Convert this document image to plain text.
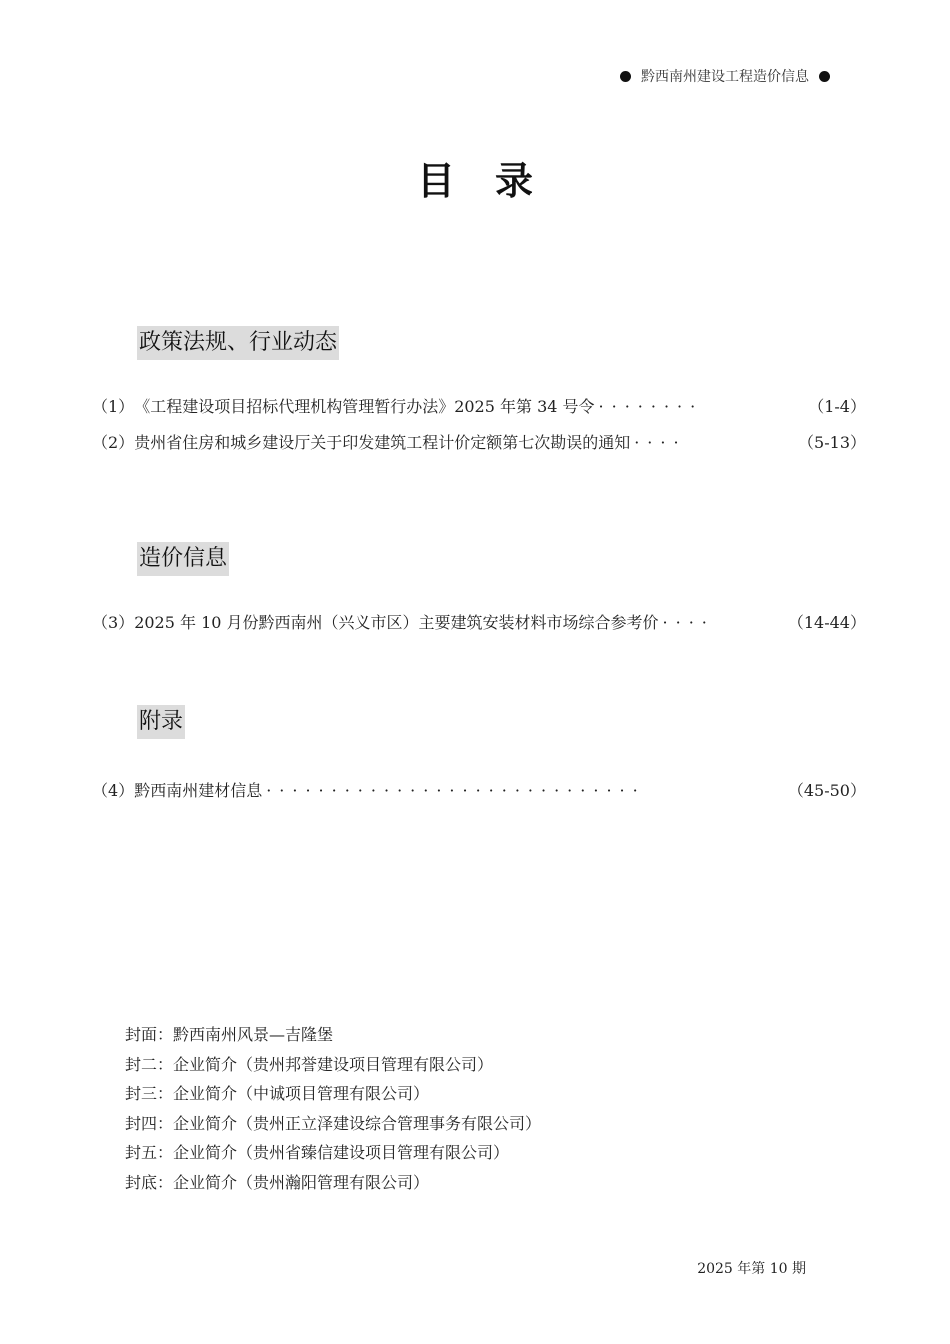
黔西南州建设工程造价信息
目录
政策法规、行业动态
（1） 《工程建设项目招标代理机构管理暂行办法》2025 年第 34 号令 ········	（1-4）
（2） 贵州省住房和城乡建设厅关于印发建筑工程计价定额第七次勘误的通知 ····	（5-13）
造价信息
（3） 2025 年 10 月份黔西南州（兴义市区）主要建筑安装材料市场综合参考价 ····	（14-44）
附录
（4） 黔西南州建材信息 ·····························	（45-50）
封面：黔西南州风景—吉隆堡
封二：企业简介（贵州邦誉建设项目管理有限公司）
封三：企业简介（中诚项目管理有限公司）
封四：企业简介（贵州正立泽建设综合管理事务有限公司）
封五：企业简介（贵州省臻信建设项目管理有限公司）
封底：企业简介（贵州瀚阳管理有限公司）
2025 年第 10 期
